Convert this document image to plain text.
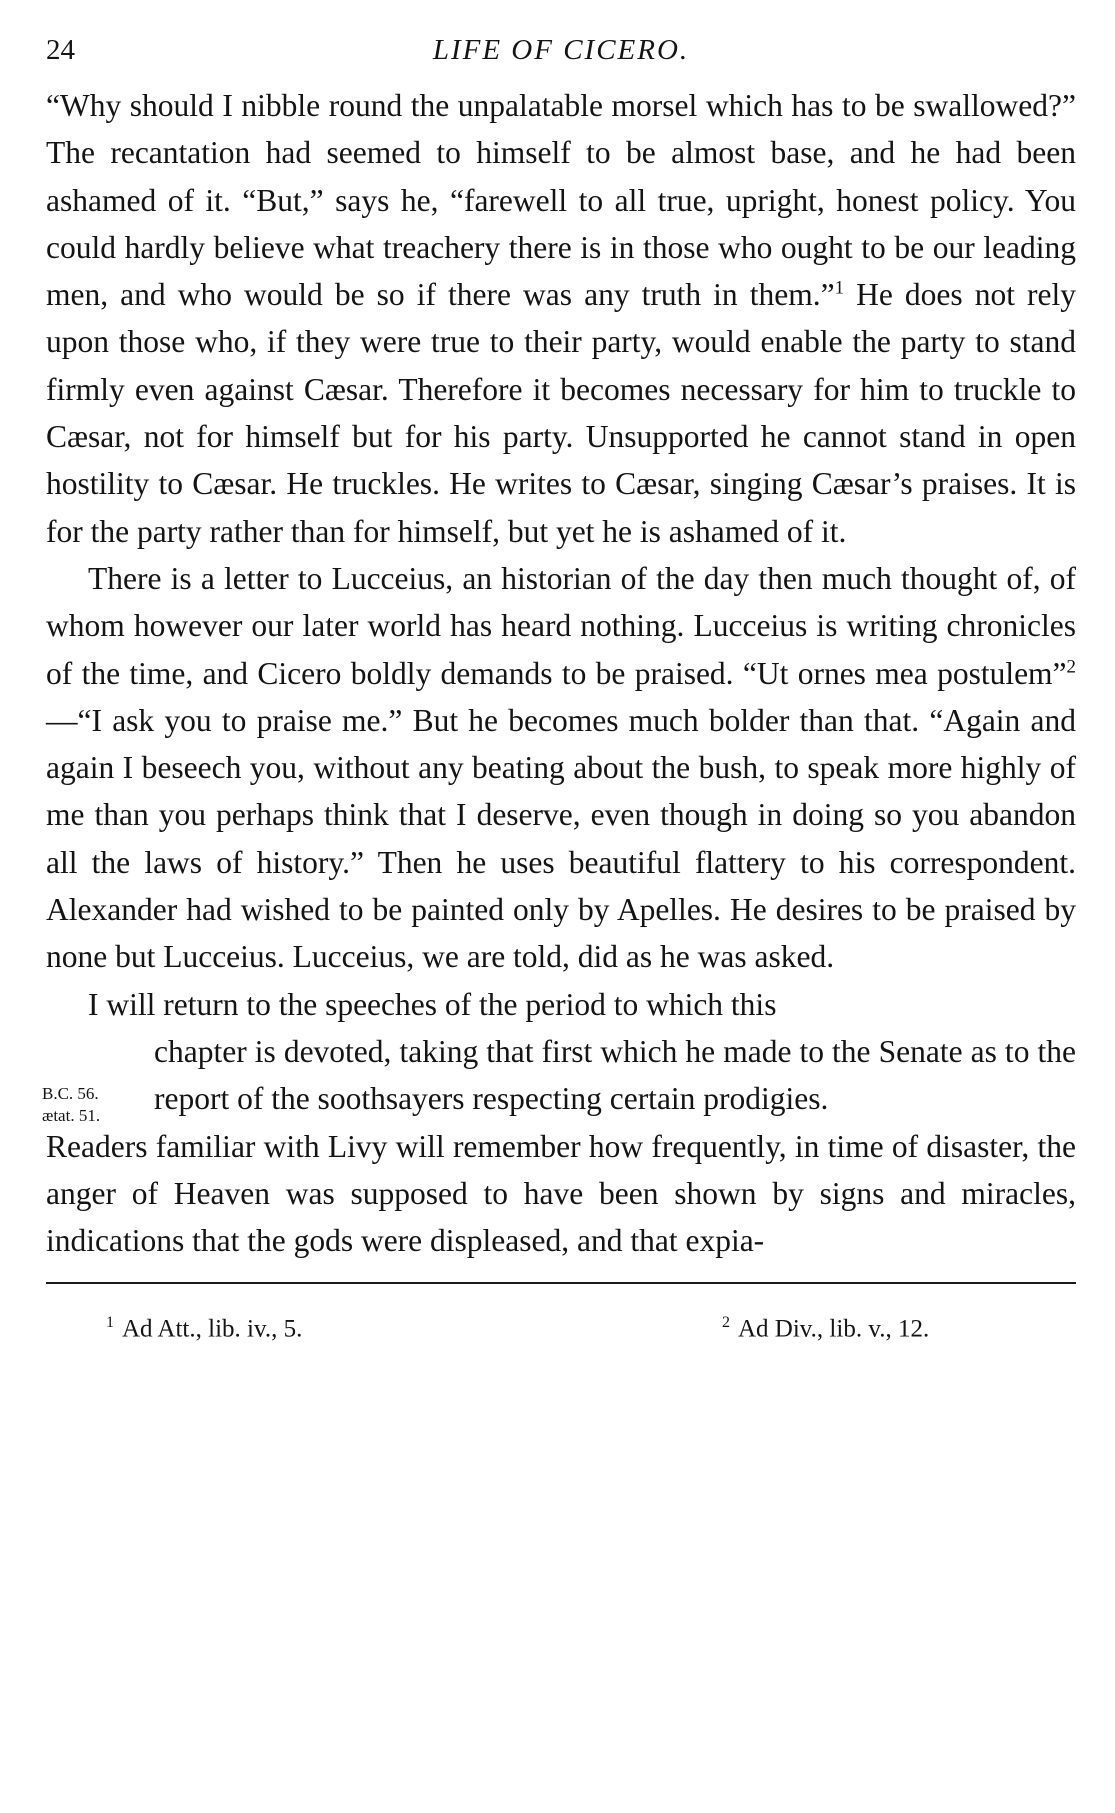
24	LIFE OF CICERO.

“Why should I nibble round the unpalatable morsel which has to be swallowed?” The recantation had seemed to himself to be almost base, and he had been ashamed of it. “But,” says he, “farewell to all true, upright, honest policy. You could hardly believe what treachery there is in those who ought to be our leading men, and who would be so if there was any truth in them.”$^1$ He does not rely upon those who, if they were true to their party, would enable the party to stand firmly even against Cæsar. Therefore it becomes necessary for him to truckle to Cæsar, not for himself but for his party. Unsupported he cannot stand in open hostility to Cæsar. He truckles. He writes to Cæsar, singing Cæsar’s praises. It is for the party rather than for himself, but yet he is ashamed of it.

There is a letter to Lucceius, an historian of the day then much thought of, of whom however our later world has heard nothing. Lucceius is writing chronicles of the time, and Cicero boldly demands to be praised. “Ut ornes mea postulem”$^2$—“I ask you to praise me.” But he becomes much bolder than that. “Again and again I beseech you, without any beating about the bush, to speak more highly of me than you perhaps think that I deserve, even though in doing so you abandon all the laws of history.” Then he uses beautiful flattery to his correspondent. Alexander had wished to be painted only by Apelles. He desires to be praised by none but Lucceius. Lucceius, we are told, did as he was asked.

I will return to the speeches of the period to which this

chapter is devoted, taking that first which he made to the Senate as to the report of the soothsayers respecting certain prodigies.
Readers familiar with Livy will remember how frequently, in time of disaster, the anger of Heaven was supposed to have been shown by signs and miracles, indications that the gods were displeased, and that expia-
B.C. 56.
ætat. 51.
$^1$ Ad Att., lib. iv., 5.	$^2$ Ad Div., lib. v., 12.
